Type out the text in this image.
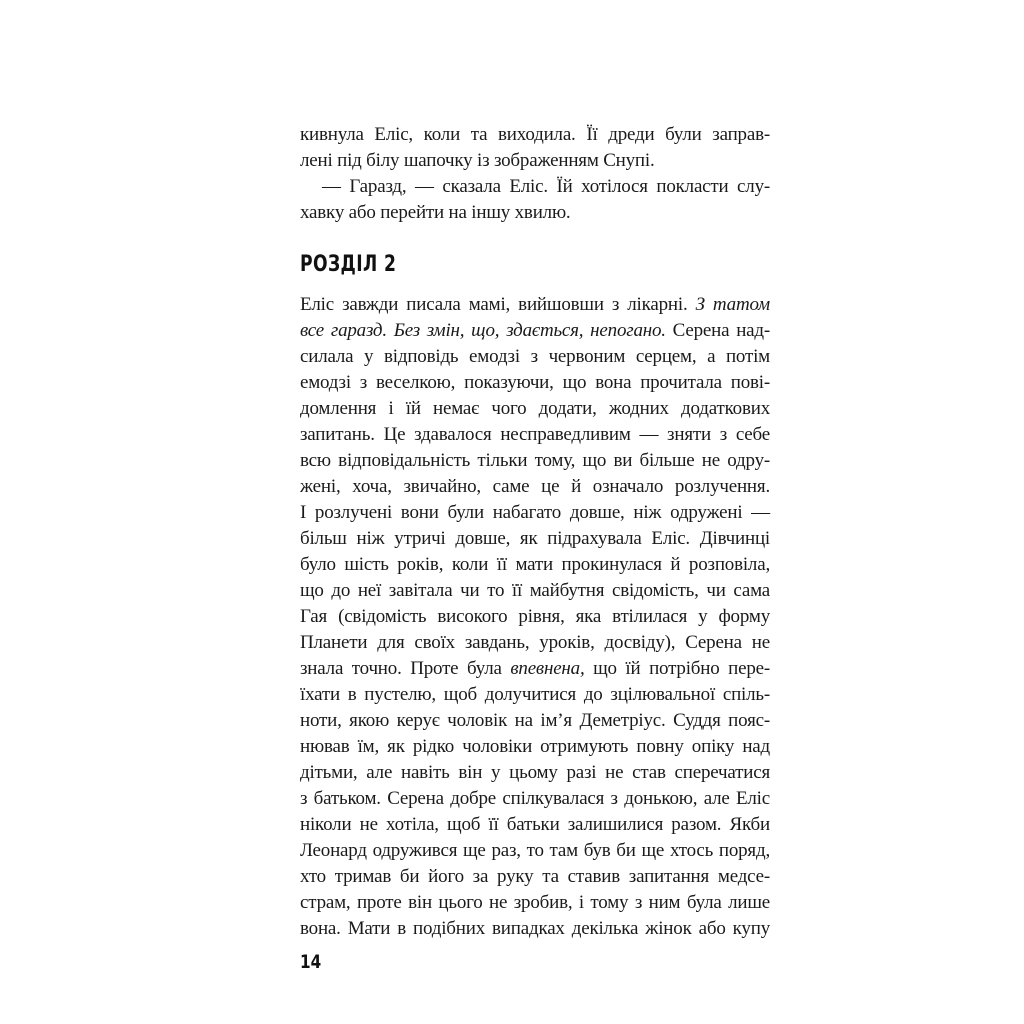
кивнула Еліс, коли та виходила. Її дреди були заправ-
лені під білу шапочку із зображенням Снупі.
— Гаразд, — сказала Еліс. Їй хотілося покласти слу-
хавку або перейти на іншу хвилю.
РОЗДІЛ 2
Еліс завжди писала мамі, вийшовши з лікарні. З татом
все гаразд. Без змін, що, здається, непогано. Серена над-
силала у відповідь емодзі з червоним серцем, а потім
емодзі з веселкою, показуючи, що вона прочитала пові-
домлення і їй немає чого додати, жодних додаткових
запитань. Це здавалося несправедливим — зняти з себе
всю відповідальність тільки тому, що ви більше не одру-
жені, хоча, звичайно, саме це й означало розлучення.
І розлучені вони були набагато довше, ніж одружені —
більш ніж утричі довше, як підрахувала Еліс. Дівчинці
було шість років, коли її мати прокинулася й розповіла,
що до неї завітала чи то її майбутня свідомість, чи сама
Гая (свідомість високого рівня, яка втілилася у форму
Планети для своїх завдань, уроків, досвіду), Серена не
знала точно. Проте була впевнена, що їй потрібно пере-
їхати в пустелю, щоб долучитися до зцілювальної спіль-
ноти, якою керує чоловік на ім’я Деметріус. Суддя пояс-
нював їм, як рідко чоловіки отримують повну опіку над
дітьми, але навіть він у цьому разі не став сперечатися
з батьком. Серена добре спілкувалася з донькою, але Еліс
ніколи не хотіла, щоб її батьки залишилися разом. Якби
Леонард одружився ще раз, то там був би ще хтось поряд,
хто тримав би його за руку та ставив запитання медсе-
страм, проте він цього не зробив, і тому з ним була лише
вона. Мати в подібних випадках декілька жінок або купу
14
